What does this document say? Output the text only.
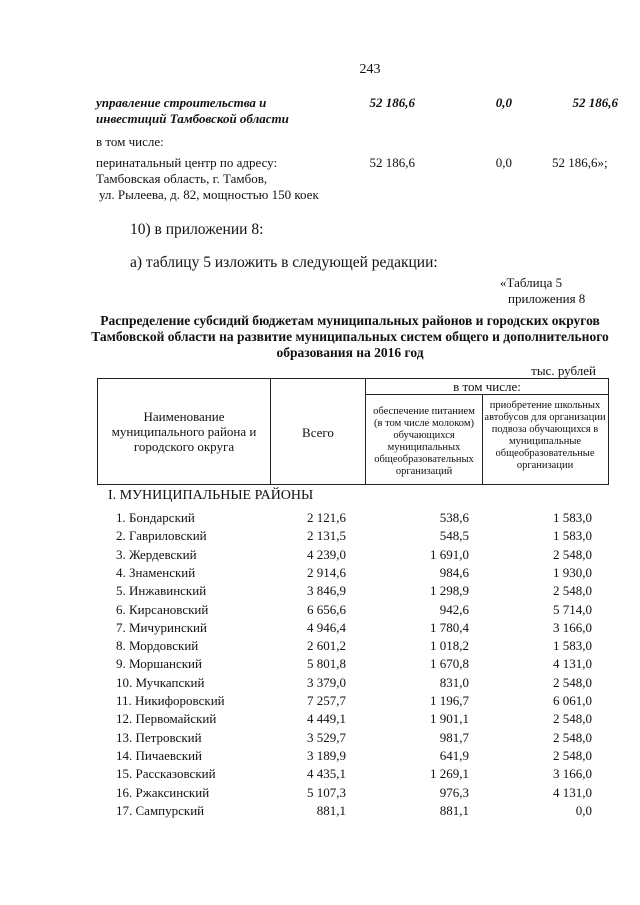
243
управление строительства и
инвестиций Тамбовской области
52 186,6	0,0	52 186,6
в том числе:
перинатальный центр по адресу:
Тамбовская область, г. Тамбов,
ул. Рылеева, д. 82, мощностью 150 коек
52 186,6	0,0	52 186,6»;
10) в приложении 8:
а) таблицу 5 изложить в следующей редакции:
«Таблица 5
приложения 8
Распределение субсидий бюджетам муниципальных районов и городских округов Тамбовской области на развитие муниципальных систем общего и дополнительного образования на 2016 год
тыс. рублей
Наименование муниципального района и городского округа
Всего
в том числе:
обеспечение питанием (в том числе молоком) обучающихся муниципальных общеобразовательных организаций
приобретение школьных автобусов для организации подвоза обучающихся в муниципальные общеобразовательные организации
I. МУНИЦИПАЛЬНЫЕ РАЙОНЫ
1. Бондарский	2 121,6	538,6	1 583,0
2. Гавриловский	2 131,5	548,5	1 583,0
3. Жердевский	4 239,0	1 691,0	2 548,0
4. Знаменский	2 914,6	984,6	1 930,0
5. Инжавинский	3 846,9	1 298,9	2 548,0
6. Кирсановский	6 656,6	942,6	5 714,0
7. Мичуринский	4 946,4	1 780,4	3 166,0
8. Мордовский	2 601,2	1 018,2	1 583,0
9. Моршанский	5 801,8	1 670,8	4 131,0
10. Мучкапский	3 379,0	831,0	2 548,0
11. Никифоровский	7 257,7	1 196,7	6 061,0
12. Первомайский	4 449,1	1 901,1	2 548,0
13. Петровский	3 529,7	981,7	2 548,0
14. Пичаевский	3 189,9	641,9	2 548,0
15. Рассказовский	4 435,1	1 269,1	3 166,0
16. Ржаксинский	5 107,3	976,3	4 131,0
17. Сампурский	881,1	881,1	0,0
